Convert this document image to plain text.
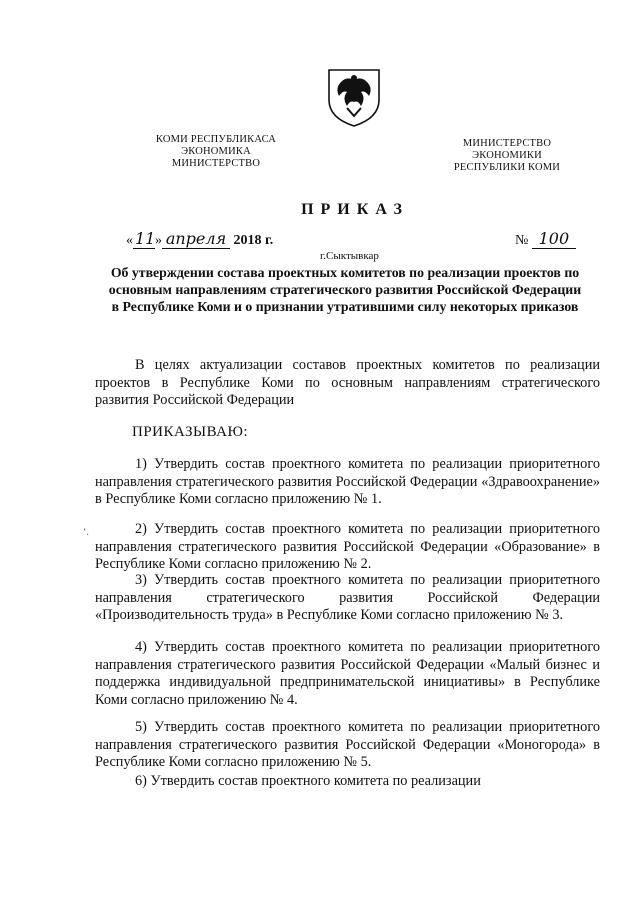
КОМИ РЕСПУБЛИКАСА
ЭКОНОМИКА
МИНИСТЕРСТВО
МИНИСТЕРСТВО
ЭКОНОМИКИ
РЕСПУБЛИКИ КОМИ
ПРИКАЗ
« 11» апреля 2018 г.	№ 100
г.Сыктывкар
Об утверждении состава проектных комитетов по реализации проектов по основным направлениям стратегического развития Российской Федерации в Республике Коми и о признании утратившими силу некоторых приказов
В целях актуализации составов проектных комитетов по реализации проектов в Республике Коми по основным направлениям стратегического развития Российской Федерации
ПРИКАЗЫВАЮ:
1) Утвердить состав проектного комитета по реализации приоритетного направления стратегического развития Российской Федерации «Здравоохранение» в Республике Коми согласно приложению № 1.
‘.	2) Утвердить состав проектного комитета по реализации приоритетного направления стратегического развития Российской Федерации «Образование» в Республике Коми согласно приложению № 2.
3) Утвердить состав проектного комитета по реализации приоритетного направления стратегического развития Российской Федерации «Производительность труда» в Республике Коми согласно приложению № 3.
4) Утвердить состав проектного комитета по реализации приоритетного направления стратегического развития Российской Федерации «Малый бизнес и поддержка индивидуальной предпринимательской инициативы» в Республике Коми согласно приложению № 4.
5) Утвердить состав проектного комитета по реализации приоритетного направления стратегического развития Российской Федерации «Моногорода» в Республике Коми согласно приложению № 5.
6) Утвердить состав проектного комитета по реализации
